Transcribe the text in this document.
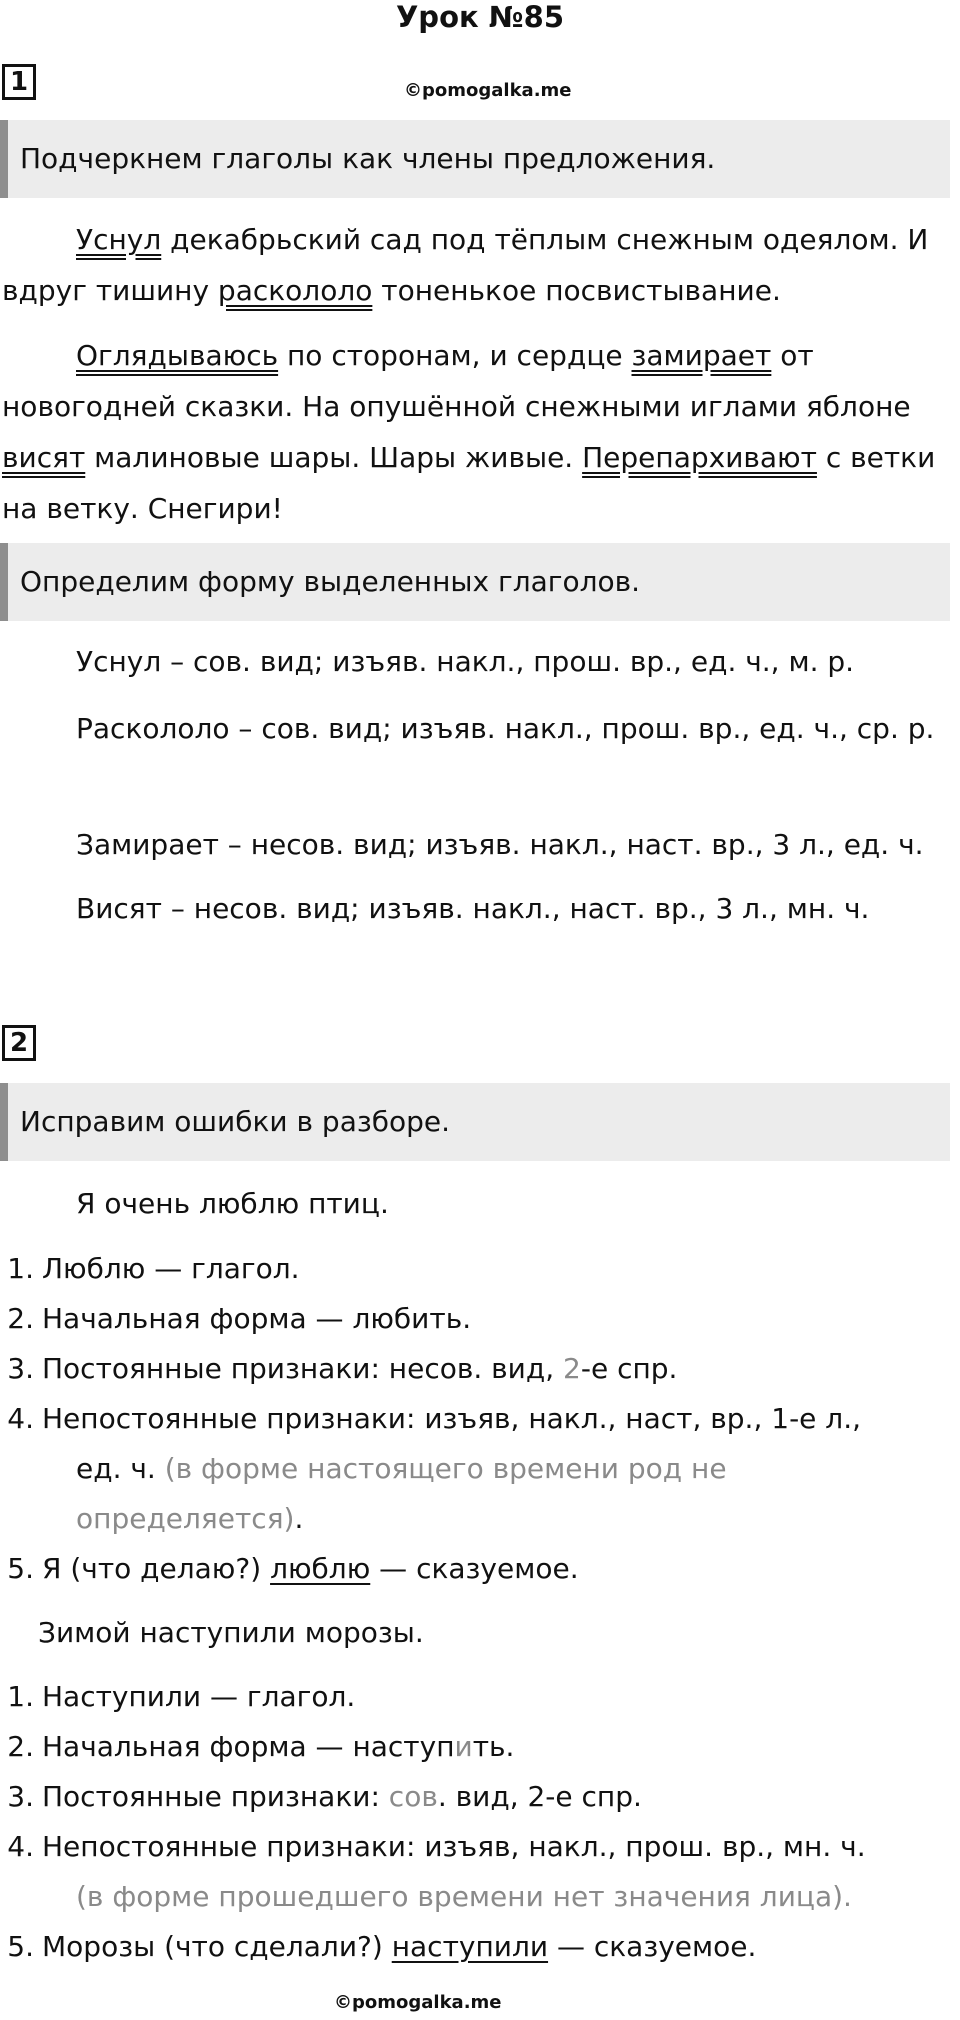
Урок №85
1	©pomogalka.me
Подчеркнем глаголы как члены предложения.
Уснул декабрьский сад под тёплым снежным одеялом. И вдруг тишину раскололо тоненькое посвистывание.
Оглядываюсь по сторонам, и сердце замирает от новогодней сказки. На опушённой снежными иглами яблоне висят малиновые шары. Шары живые. Перепархивают с ветки на ветку. Снегири!
Определим форму выделенных глаголов.
Уснул – сов. вид; изъяв. накл., прош. вр., ед. ч., м. р.
Раскололо – сов. вид; изъяв. накл., прош. вр., ед. ч., ср. р.
Замирает – несов. вид; изъяв. накл., наст. вр., 3 л., ед. ч.
Висят – несов. вид; изъяв. накл., наст. вр., 3 л., мн. ч.
2
Исправим ошибки в разборе.
Я очень люблю птиц.
1. Люблю — глагол.
2. Начальная форма — любить.
3. Постоянные признаки: несов. вид, 2-е спр.
4. Непостоянные признаки: изъяв, накл., наст, вр., 1-е л.,
ед. ч. (в форме настоящего времени род не
определяется).
5. Я (что делаю?) люблю — сказуемое.
Зимой наступили морозы.
1. Наступили — глагол.
2. Начальная форма — наступить.
3. Постоянные признаки: сов. вид, 2-е спр.
4. Непостоянные признаки: изъяв, накл., прош. вр., мн. ч.
(в форме прошедшего времени нет значения лица).
5. Морозы (что сделали?) наступили — сказуемое.
©pomogalka.me
